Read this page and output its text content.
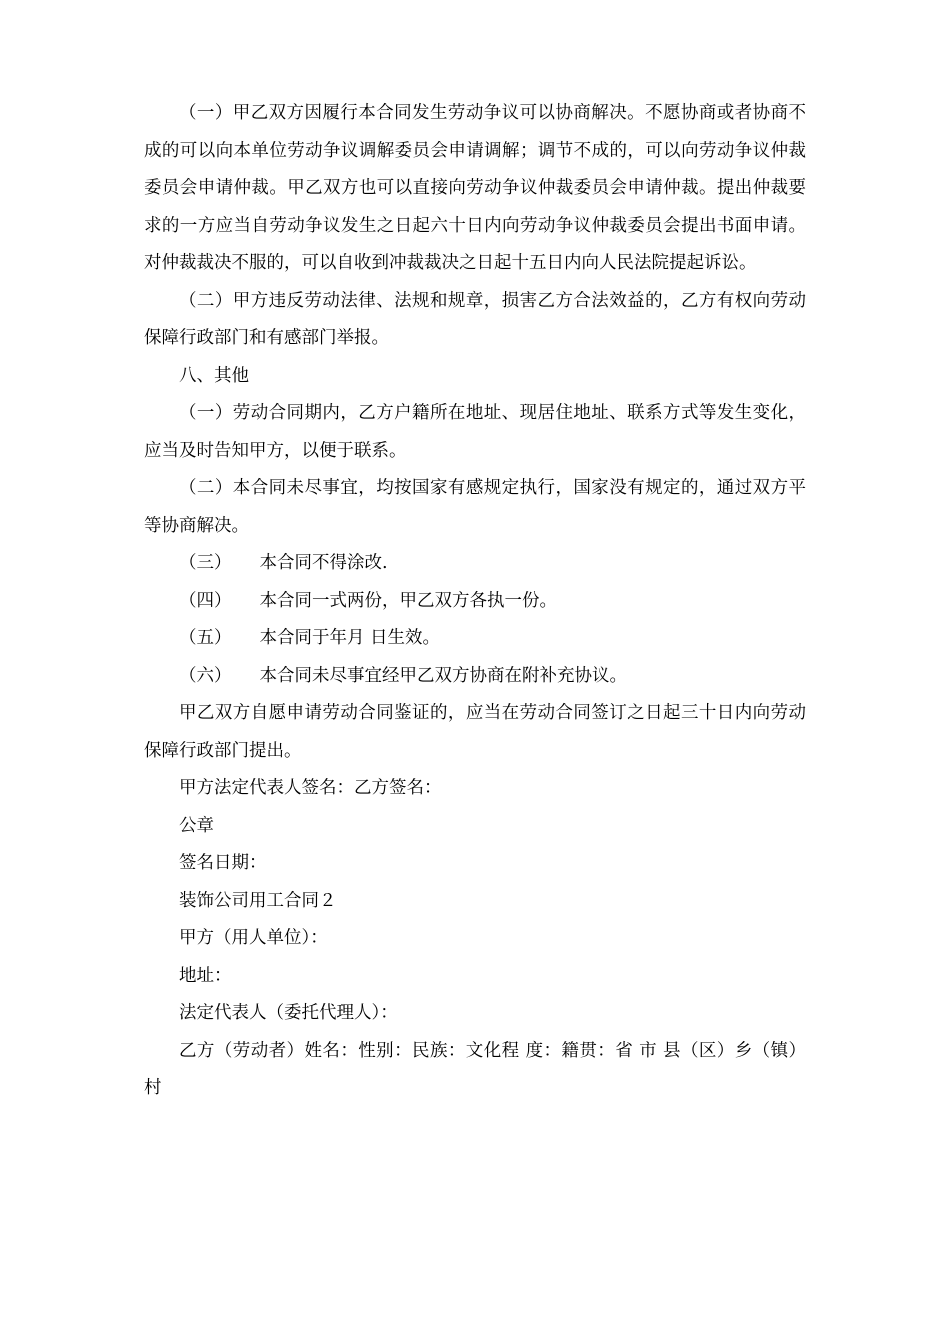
（一）甲乙双方因履行本合同发生劳动争议可以协商解决。不愿协商或者协商不成的可以向本单位劳动争议调解委员会申请调解；调节不成的，可以向劳动争议仲裁委员会申请仲裁。甲乙双方也可以直接向劳动争议仲裁委员会申请仲裁。提出仲裁要求的一方应当自劳动争议发生之日起六十日内向劳动争议仲裁委员会提出书面申请。对仲裁裁决不服的，可以自收到冲裁裁决之日起十五日内向人民法院提起诉讼。

（二）甲方违反劳动法律、法规和规章，损害乙方合法效益的，乙方有权向劳动保障行政部门和有感部门举报。

八、其他

（一）劳动合同期内，乙方户籍所在地址、现居住地址、联系方式等发生变化，应当及时告知甲方，以便于联系。

（二）本合同未尽事宜，均按国家有感规定执行，国家没有规定的，通过双方平等协商解决。

（三） 本合同不得涂改.

（四） 本合同一式两份，甲乙双方各执一份。

（五） 本合同于年月 日生效。

（六） 本合同未尽事宜经甲乙双方协商在附补充协议。

甲乙双方自愿申请劳动合同鉴证的，应当在劳动合同签订之日起三十日内向劳动保障行政部门提出。

甲方法定代表人签名：乙方签名：

公章

签名日期：

装饰公司用工合同２

甲方（用人单位）：

地址：

法定代表人（委托代理人）：

乙方（劳动者）姓名：性别：民族：文化程 度：籍贯：省 市 县（区）乡（镇）村
